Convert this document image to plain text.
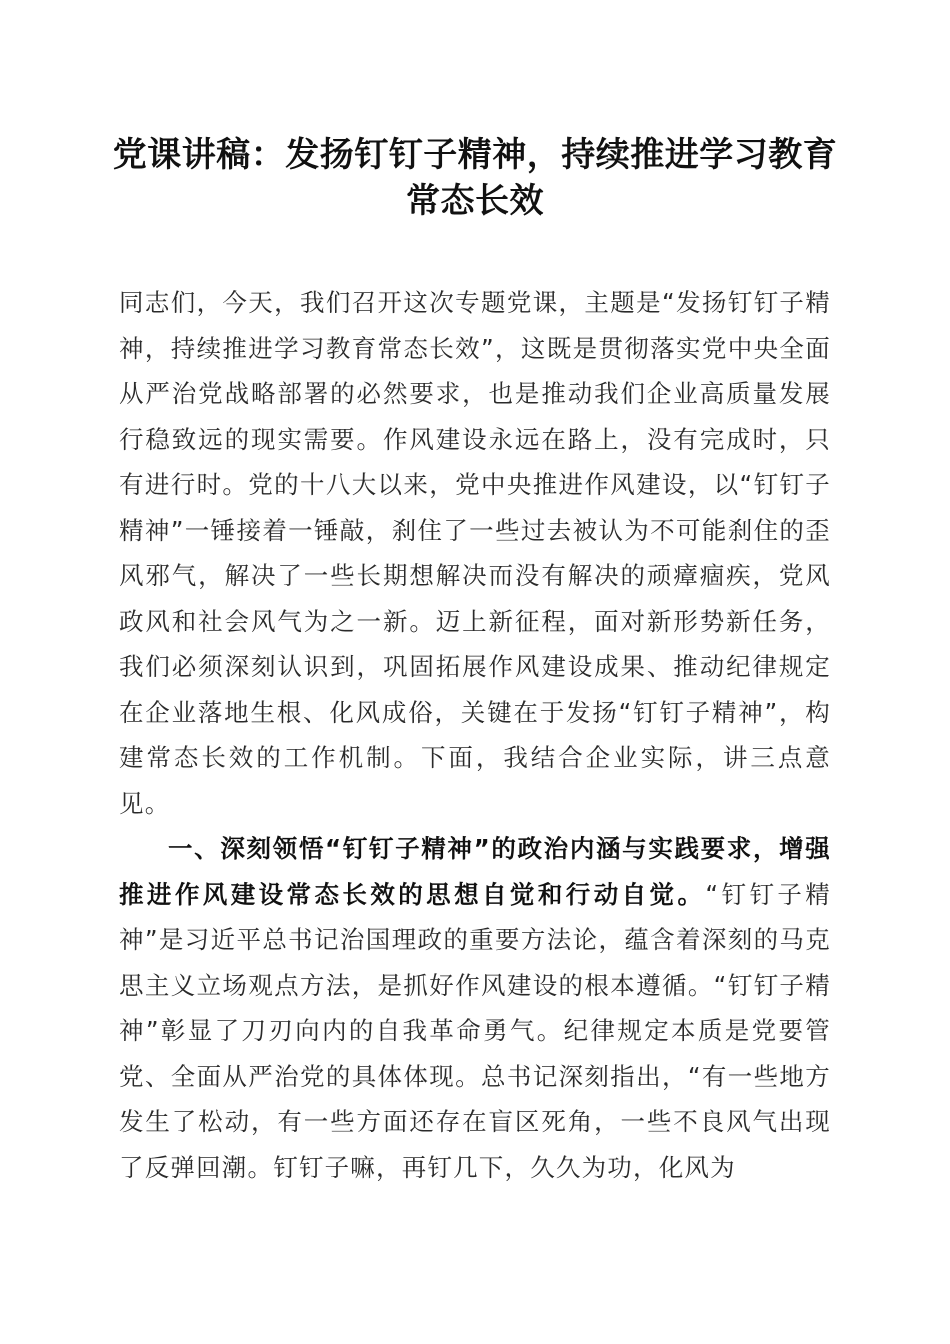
党课讲稿：发扬钉钉子精神，持续推进学习教育常态长效

同志们，今天，我们召开这次专题党课，主题是“发扬钉钉子精神，持续推进学习教育常态长效”，这既是贯彻落实党中央全面从严治党战略部署的必然要求，也是推动我们企业高质量发展行稳致远的现实需要。作风建设永远在路上，没有完成时，只有进行时。党的十八大以来，党中央推进作风建设，以“钉钉子精神”一锤接着一锤敲，刹住了一些过去被认为不可能刹住的歪风邪气，解决了一些长期想解决而没有解决的顽瘴痼疾，党风政风和社会风气为之一新。迈上新征程，面对新形势新任务，我们必须深刻认识到，巩固拓展作风建设成果、推动纪律规定在企业落地生根、化风成俗，关键在于发扬“钉钉子精神”，构建常态长效的工作机制。下面，我结合企业实际，讲三点意见。

一、深刻领悟“钉钉子精神”的政治内涵与实践要求，增强推进作风建设常态长效的思想自觉和行动自觉。“钉钉子精神”是习近平总书记治国理政的重要方法论，蕴含着深刻的马克思主义立场观点方法，是抓好作风建设的根本遵循。“钉钉子精神”彰显了刀刃向内的自我革命勇气。纪律规定本质是党要管党、全面从严治党的具体体现。总书记深刻指出，“有一些地方发生了松动，有一些方面还存在盲区死角，一些不良风气出现了反弹回潮。钉钉子嘛，再钉几下，久久为功，化风为
